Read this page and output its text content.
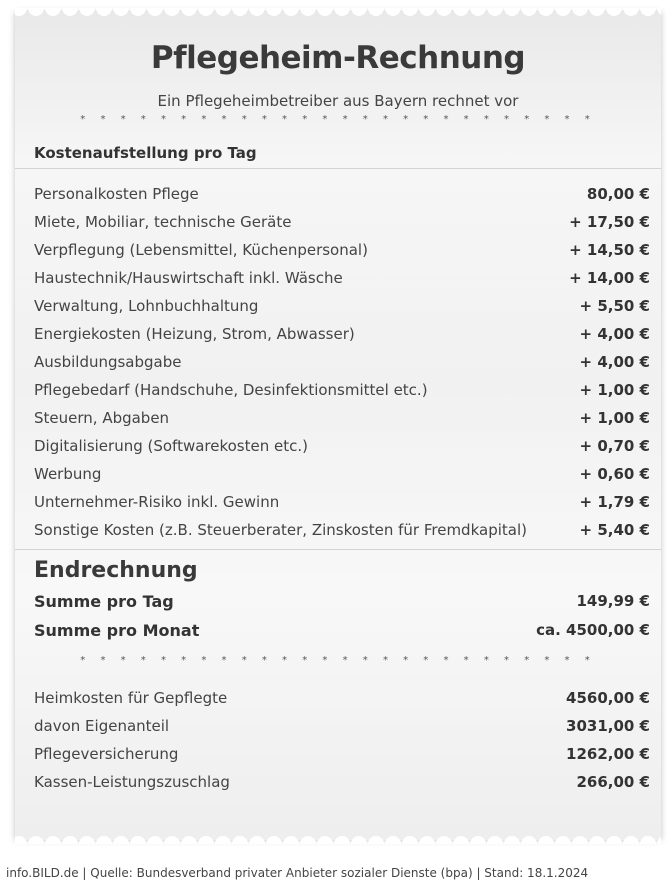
Pflegeheim-Rechnung
Ein Pflegeheimbetreiber aus Bayern rechnet vor
* * * * * * * * * * * * * * * * * * * * * * * * * *
Kostenaufstellung pro Tag
Personalkosten Pflege	80,00 €
Miete, Mobiliar, technische Geräte	+ 17,50 €
Verpflegung (Lebensmittel, Küchenpersonal)	+ 14,50 €
Haustechnik/Hauswirtschaft inkl. Wäsche	+ 14,00 €
Verwaltung, Lohnbuchhaltung	+ 5,50 €
Energiekosten (Heizung, Strom, Abwasser)	+ 4,00 €
Ausbildungsabgabe	+ 4,00 €
Pflegebedarf (Handschuhe, Desinfektionsmittel etc.)	+ 1,00 €
Steuern, Abgaben	+ 1,00 €
Digitalisierung (Softwarekosten etc.)	+ 0,70 €
Werbung	+ 0,60 €
Unternehmer-Risiko inkl. Gewinn	+ 1,79 €
Sonstige Kosten (z.B. Steuerberater, Zinskosten für Fremdkapital)	+ 5,40 €
Endrechnung
Summe pro Tag	149,99 €
Summe pro Monat	ca. 4500,00 €
* * * * * * * * * * * * * * * * * * * * * * * * * *
Heimkosten für Gepflegte	4560,00 €
davon Eigenanteil	3031,00 €
Pflegeversicherung	1262,00 €
Kassen-Leistungszuschlag	266,00 €
info.BILD.de | Quelle: Bundesverband privater Anbieter sozialer Dienste (bpa) | Stand: 18.1.2024
